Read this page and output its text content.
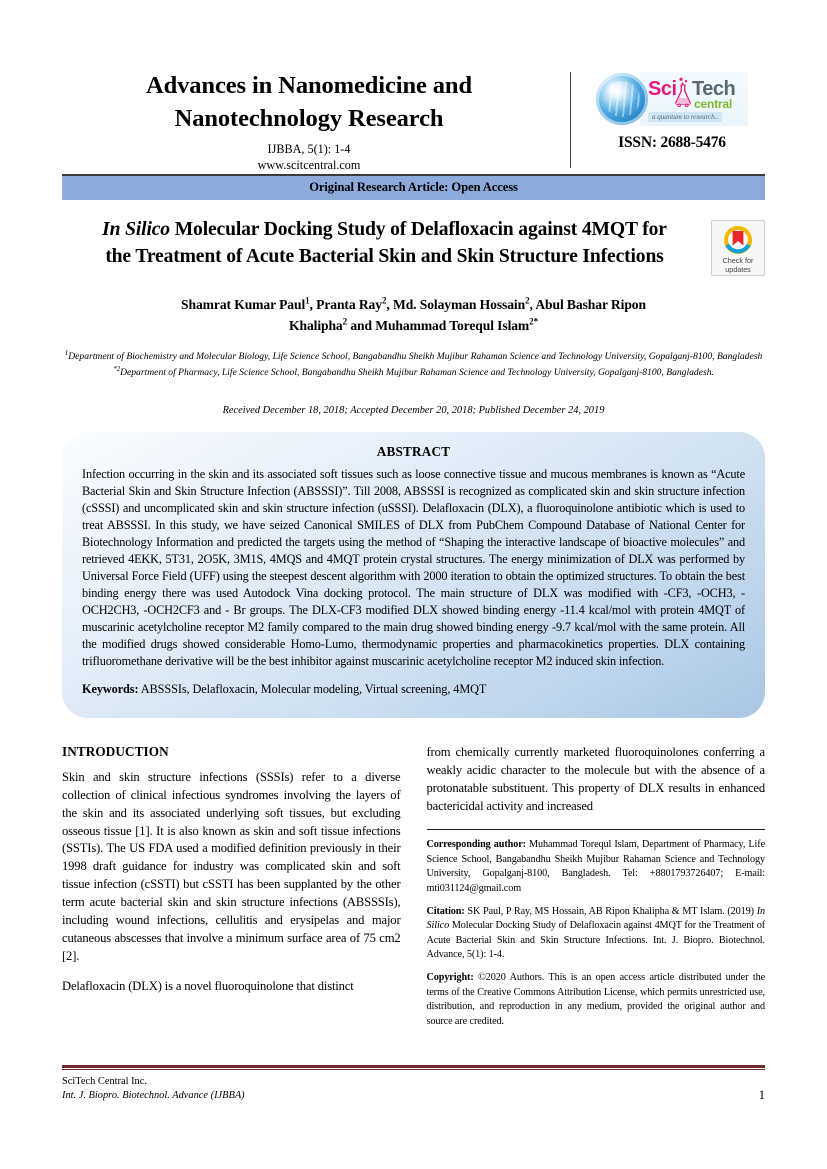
Advances in Nanomedicine and
Nanotechnology Research
IJBBA, 5(1): 1-4
www.scitcentral.com
Sci Tech
central
a quantum to research..
ISSN: 2688-5476
Original Research Article: Open Access
In Silico Molecular Docking Study of Delafloxacin against 4MQT for
the Treatment of Acute Bacterial Skin and Skin Structure Infections	Check for
updates
Shamrat Kumar Paul$^1$, Pranta Ray$^2$, Md. Solayman Hossain$^2$, Abul Bashar Ripon
Khalipha$^2$ and Muhammad Torequl Islam$^{2*}$
$^1$Department of Biochemistry and Molecular Biology, Life Science School, Bangabandhu Sheikh Mujibur Rahaman Science and Technology University, Gopalganj-8100, Bangladesh
$^{*2}$Department of Pharmacy, Life Science School, Bangabandhu Sheikh Mujibur Rahaman Science and Technology University, Gopalganj-8100, Bangladesh.
Received December 18, 2018; Accepted December 20, 2018; Published December 24, 2019
ABSTRACT
Infection occurring in the skin and its associated soft tissues such as loose connective tissue and mucous membranes is known as “Acute Bacterial Skin and Skin Structure Infection (ABSSSI)”. Till 2008, ABSSSI is recognized as complicated skin and skin structure infection (cSSSI) and uncomplicated skin and skin structure infection (uSSSI). Delafloxacin (DLX), a fluoroquinolone antibiotic which is used to treat ABSSSI. In this study, we have seized Canonical SMILES of DLX from PubChem Compound Database of National Center for Biotechnology Information and predicted the targets using the method of “Shaping the interactive landscape of bioactive molecules” and retrieved 4EKK, 5T31, 2O5K, 3M1S, 4MQS and 4MQT protein crystal structures. The energy minimization of DLX was performed by Universal Force Field (UFF) using the steepest descent algorithm with 2000 iteration to obtain the optimized structures. To obtain the best binding energy there was used Autodock Vina docking protocol. The main structure of DLX was modified with -CF3, -OCH3, -OCH2CH3, -OCH2CF3 and - Br groups. The DLX-CF3 modified DLX showed binding energy -11.4 kcal/mol with protein 4MQT of muscarinic acetylcholine receptor M2 family compared to the main drug showed binding energy -9.7 kcal/mol with the same protein. All the modified drugs showed considerable Homo-Lumo, thermodynamic properties and pharmacokinetics properties. DLX containing trifluoromethane derivative will be the best inhibitor against muscarinic acetylcholine receptor M2 induced skin infection.
Keywords: ABSSSIs, Delafloxacin, Molecular modeling, Virtual screening, 4MQT
INTRODUCTION
Skin and skin structure infections (SSSIs) refer to a diverse collection of clinical infectious syndromes involving the layers of the skin and its associated underlying soft tissues, but excluding osseous tissue [1]. It is also known as skin and soft tissue infections (SSTIs). The US FDA used a modified definition previously in their 1998 draft guidance for industry was complicated skin and soft tissue infection (cSSTI) but cSSTI has been supplanted by the other term acute bacterial skin and skin structure infections (ABSSSIs), including wound infections, cellulitis and erysipelas and major cutaneous abscesses that involve a minimum surface area of 75 cm2 [2].
Delafloxacin (DLX) is a novel fluoroquinolone that distinct
from chemically currently marketed fluoroquinolones conferring a weakly acidic character to the molecule but with the absence of a protonatable substituent. This property of DLX results in enhanced bactericidal activity and increased
Corresponding author: Muhammad Torequl Islam, Department of Pharmacy, Life Science School, Bangabandhu Sheikh Mujibur Rahaman Science and Technology University, Gopalganj-8100, Bangladesh. Tel: +8801793726407; E-mail: mti031124@gmail.com
Citation: SK Paul, P Ray, MS Hossain, AB Ripon Khalipha & MT Islam. (2019) In Silico Molecular Docking Study of Delafloxacin against 4MQT for the Treatment of Acute Bacterial Skin and Skin Structure Infections. Int. J. Biopro. Biotechnol. Advance, 5(1): 1-4.
Copyright: ©2020 Authors. This is an open access article distributed under the terms of the Creative Commons Attribution License, which permits unrestricted use, distribution, and reproduction in any medium, provided the original author and source are credited.
SciTech Central Inc.
Int. J. Biopro. Biotechnol. Advance (IJBBA)	1
